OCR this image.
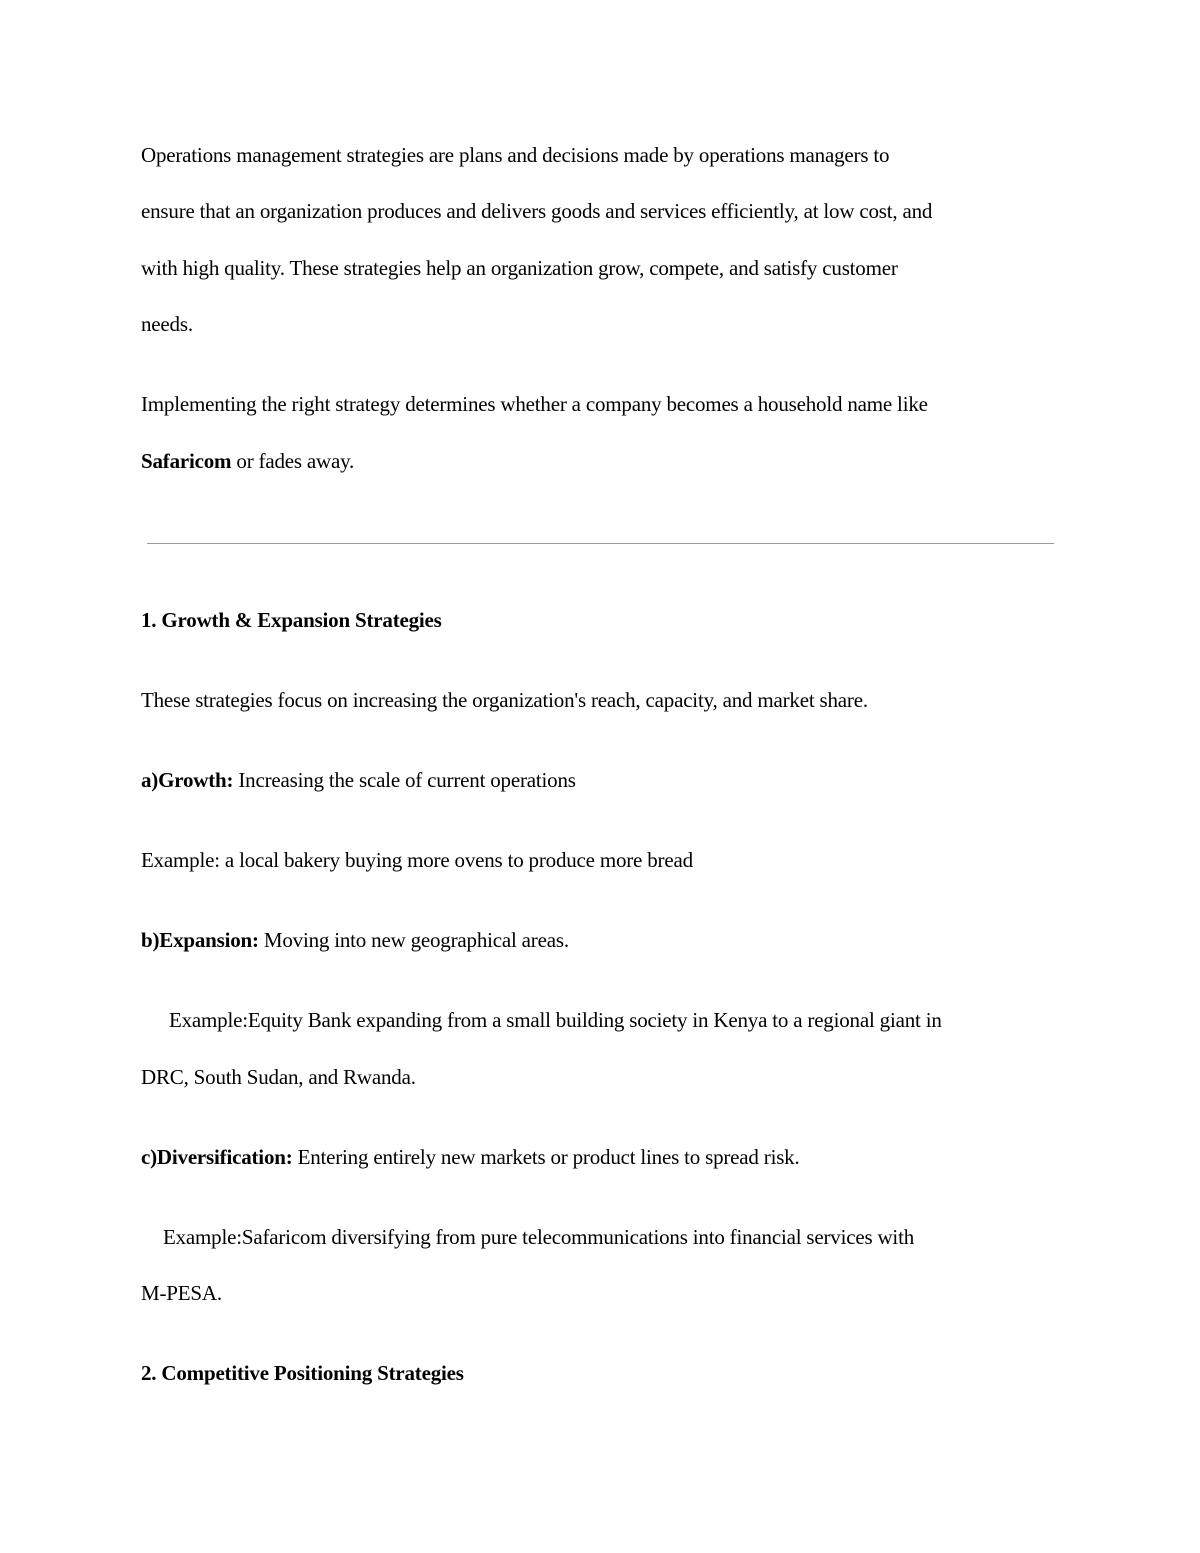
Operations management strategies are plans and decisions made by operations managers to
ensure that an organization produces and delivers goods and services efficiently, at low cost, and
with high quality. These strategies help an organization grow, compete, and satisfy customer
needs.
Implementing the right strategy determines whether a company becomes a household name like
Safaricom or fades away.
1. Growth & Expansion Strategies
These strategies focus on increasing the organization's reach, capacity, and market share.
a)Growth: Increasing the scale of current operations
Example: a local bakery buying more ovens to produce more bread
b)Expansion: Moving into new geographical areas.
Example:Equity Bank expanding from a small building society in Kenya to a regional giant in
DRC, South Sudan, and Rwanda.
c)Diversification: Entering entirely new markets or product lines to spread risk.
Example:Safaricom diversifying from pure telecommunications into financial services with
M-PESA.
2. Competitive Positioning Strategies
